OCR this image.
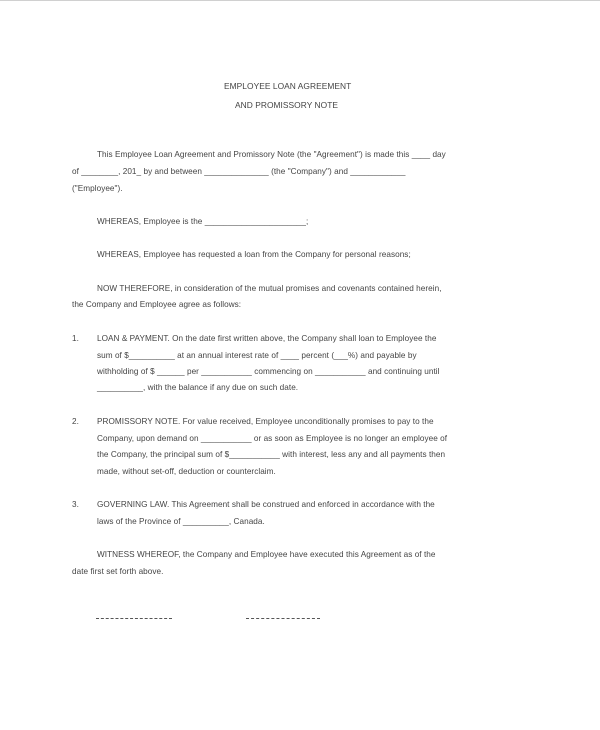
EMPLOYEE LOAN AGREEMENT
AND PROMISSORY NOTE
This Employee Loan Agreement and Promissory Note (the "Agreement") is made this ____ day
of ________, 201_ by and between ______________ (the "Company") and ____________
("Employee").
WHEREAS, Employee is the ______________________;
WHEREAS, Employee has requested a loan from the Company for personal reasons;
NOW THEREFORE, in consideration of the mutual promises and covenants contained herein,
the Company and Employee agree as follows:
1. LOAN & PAYMENT. On the date first written above, the Company shall loan to Employee the
sum of $__________ at an annual interest rate of ____ percent (___%) and payable by
withholding of $ ______ per ___________ commencing on ___________ and continuing until
__________, with the balance if any due on such date.
2. PROMISSORY NOTE. For value received, Employee unconditionally promises to pay to the
Company, upon demand on ___________ or as soon as Employee is no longer an employee of
the Company, the principal sum of $___________ with interest, less any and all payments then
made, without set-off, deduction or counterclaim.
3. GOVERNING LAW. This Agreement shall be construed and enforced in accordance with the
laws of the Province of __________, Canada.
WITNESS WHEREOF, the Company and Employee have executed this Agreement as of the
date first set forth above.
